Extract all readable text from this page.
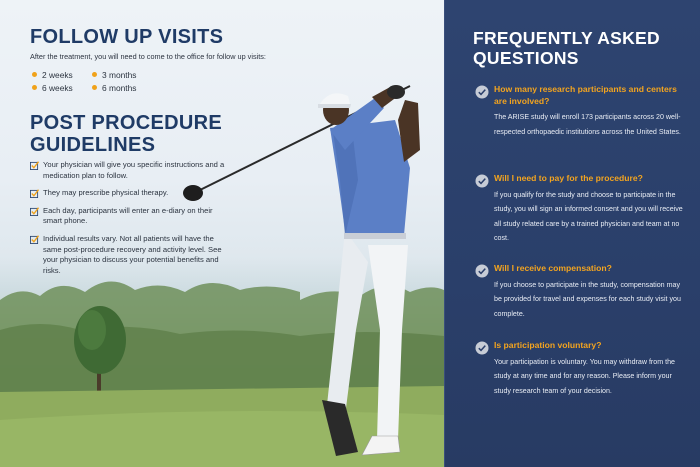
FOLLOW UP VISITS
After the treatment, you will need to come to the office for follow up visits:
2 weeks
6 weeks
3 months
6 months
POST PROCEDURE
GUIDELINES
Your physician will give you specific instructions and a medication plan to follow.
They may prescribe physical therapy.
Each day, participants will enter an e-diary on their smart phone.
Individual results vary. Not all patients will have the same post-procedure recovery and activity level. See your physician to discuss your potential benefits and risks.
FREQUENTLY ASKED
QUESTIONS
How many research participants and centers are involved?
The ARISE study will enroll 173 participants across 20 well-respected orthopaedic institutions across the United States.
Will I need to pay for the procedure?
If you qualify for the study and choose to participate in the study, you will sign an informed consent and you will receive all study related care by a trained physician and team at no cost.
Will I receive compensation?
If you choose to participate in the study, compensation may be provided for travel and expenses for each study visit you complete.
Is participation voluntary?
Your participation is voluntary. You may withdraw from the study at any time and for any reason. Please inform your study research team of your decision.
